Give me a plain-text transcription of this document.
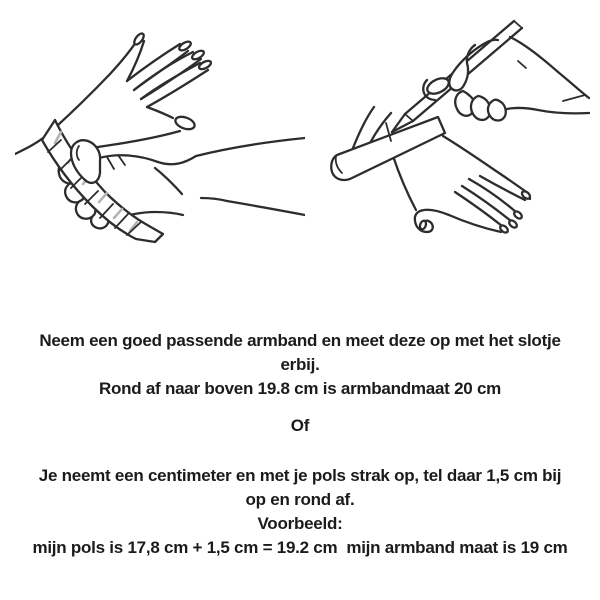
Neem een goed passende armband en meet deze op met het slotje
erbij.
Rond af naar boven 19.8 cm is armbandmaat 20 cm
Of
Je neemt een centimeter en met je pols strak op, tel daar 1,5 cm bij
op en rond af.
Voorbeeld:
mijn pols is 17,8 cm + 1,5 cm = 19.2 cm  mijn armband maat is 19 cm
